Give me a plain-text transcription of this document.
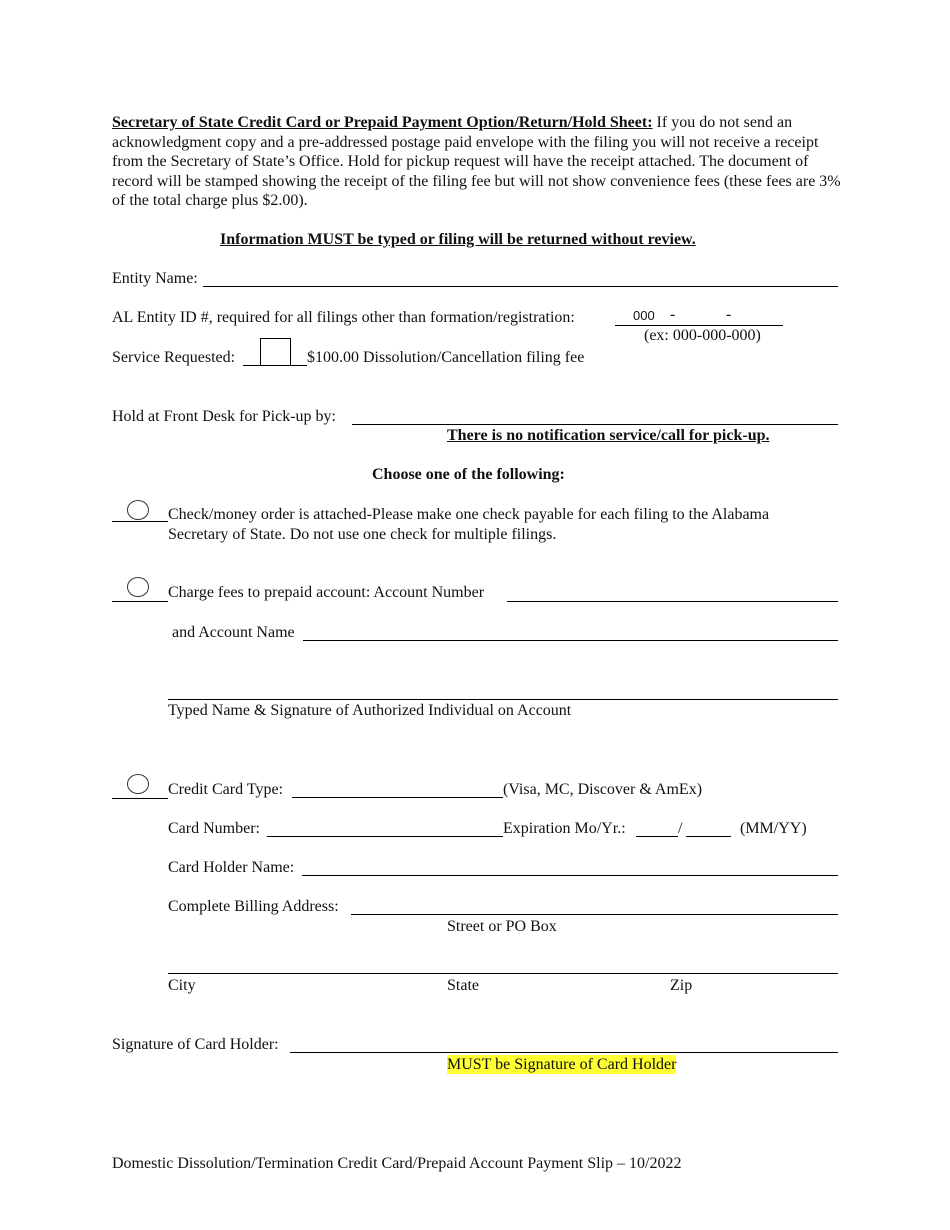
Secretary of State Credit Card or Prepaid Payment Option/Return/Hold Sheet: If you do not send an acknowledgment copy and a pre-addressed postage paid envelope with the filing you will not receive a receipt from the Secretary of State’s Office. Hold for pickup request will have the receipt attached. The document of record will be stamped showing the receipt of the filing fee but will not show convenience fees (these fees are 3% of the total charge plus $2.00).
Information MUST be typed or filing will be returned without review.
Entity Name:
AL Entity ID #, required for all filings other than formation/registration:	000 -	-
(ex: 000-000-000)
Service Requested:	$100.00 Dissolution/Cancellation filing fee
Hold at Front Desk for Pick-up by:
There is no notification service/call for pick-up.
Choose one of the following:
Check/money order is attached-Please make one check payable for each filing to the Alabama
Secretary of State. Do not use one check for multiple filings.
Charge fees to prepaid account: Account Number
and Account Name
Typed Name & Signature of Authorized Individual on Account
Credit Card Type:	(Visa, MC, Discover & AmEx)
Card Number:	Expiration Mo/Yr.:	/	(MM/YY)
Card Holder Name:
Complete Billing Address:
Street or PO Box
City	State	Zip
Signature of Card Holder:
MUST be Signature of Card Holder
Domestic Dissolution/Termination Credit Card/Prepaid Account Payment Slip – 10/2022
